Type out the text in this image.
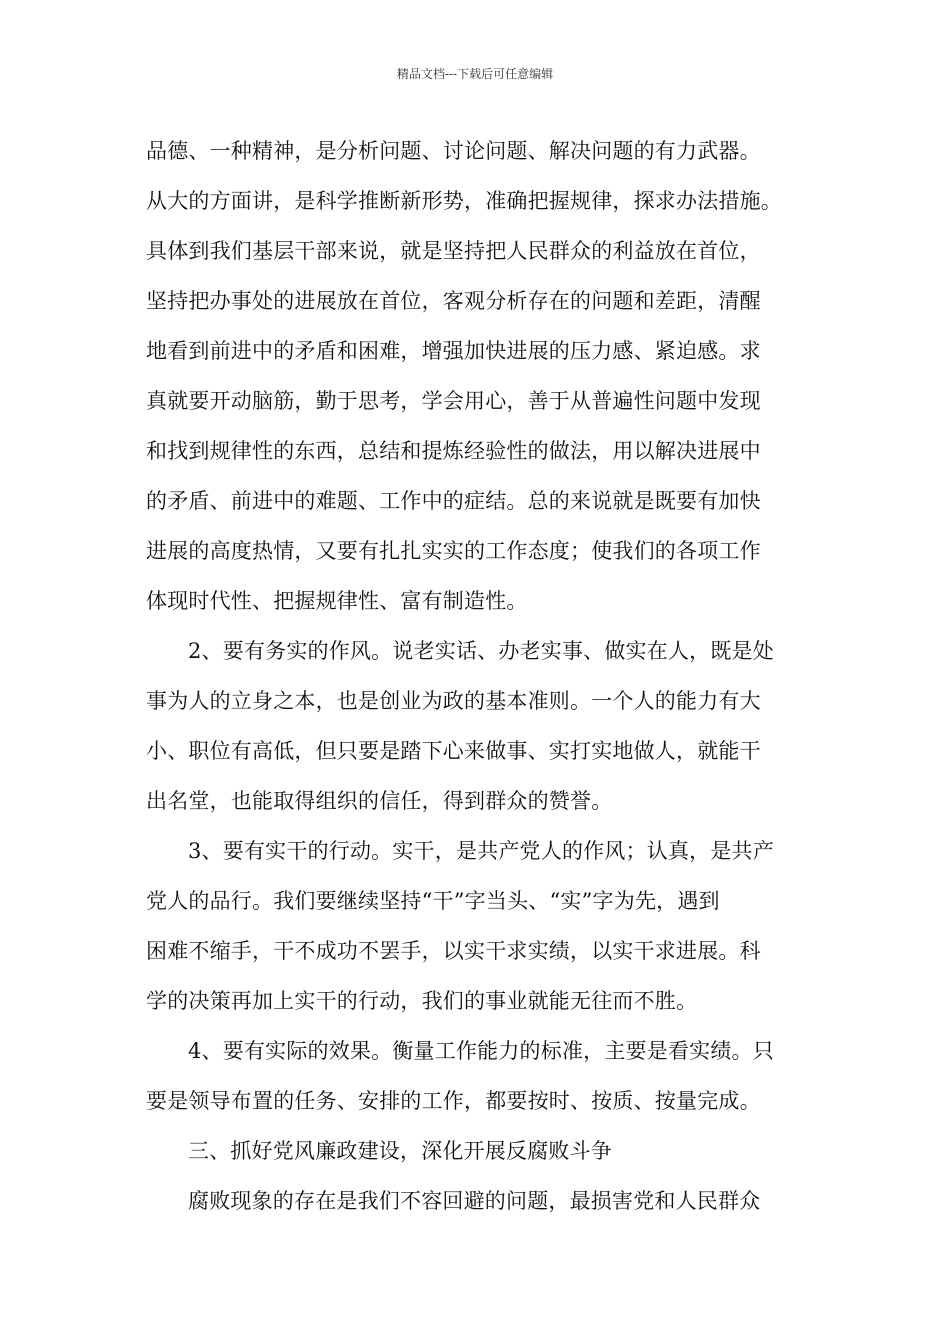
精品文档---下载后可任意编辑
品德、一种精神，是分析问题、讨论问题、解决问题的有力武器。
从大的方面讲，是科学推断新形势，准确把握规律，探求办法措施。
具体到我们基层干部来说，就是坚持把人民群众的利益放在首位，
坚持把办事处的进展放在首位，客观分析存在的问题和差距，清醒
地看到前进中的矛盾和困难，增强加快进展的压力感、紧迫感。求
真就要开动脑筋，勤于思考，学会用心，善于从普遍性问题中发现
和找到规律性的东西，总结和提炼经验性的做法，用以解决进展中
的矛盾、前进中的难题、工作中的症结。总的来说就是既要有加快
进展的高度热情，又要有扎扎实实的工作态度；使我们的各项工作
体现时代性、把握规律性、富有制造性。
2、要有务实的作风。说老实话、办老实事、做实在人，既是处
事为人的立身之本，也是创业为政的基本准则。一个人的能力有大
小、职位有高低，但只要是踏下心来做事、实打实地做人，就能干
出名堂，也能取得组织的信任，得到群众的赞誉。
3、要有实干的行动。实干，是共产党人的作风；认真，是共产
党人的品行。我们要继续坚持“干”字当头、“实”字为先，遇到
困难不缩手，干不成功不罢手，以实干求实绩，以实干求进展。科
学的决策再加上实干的行动，我们的事业就能无往而不胜。
4、要有实际的效果。衡量工作能力的标准，主要是看实绩。只
要是领导布置的任务、安排的工作，都要按时、按质、按量完成。
三、抓好党风廉政建设，深化开展反腐败斗争
腐败现象的存在是我们不容回避的问题，最损害党和人民群众
